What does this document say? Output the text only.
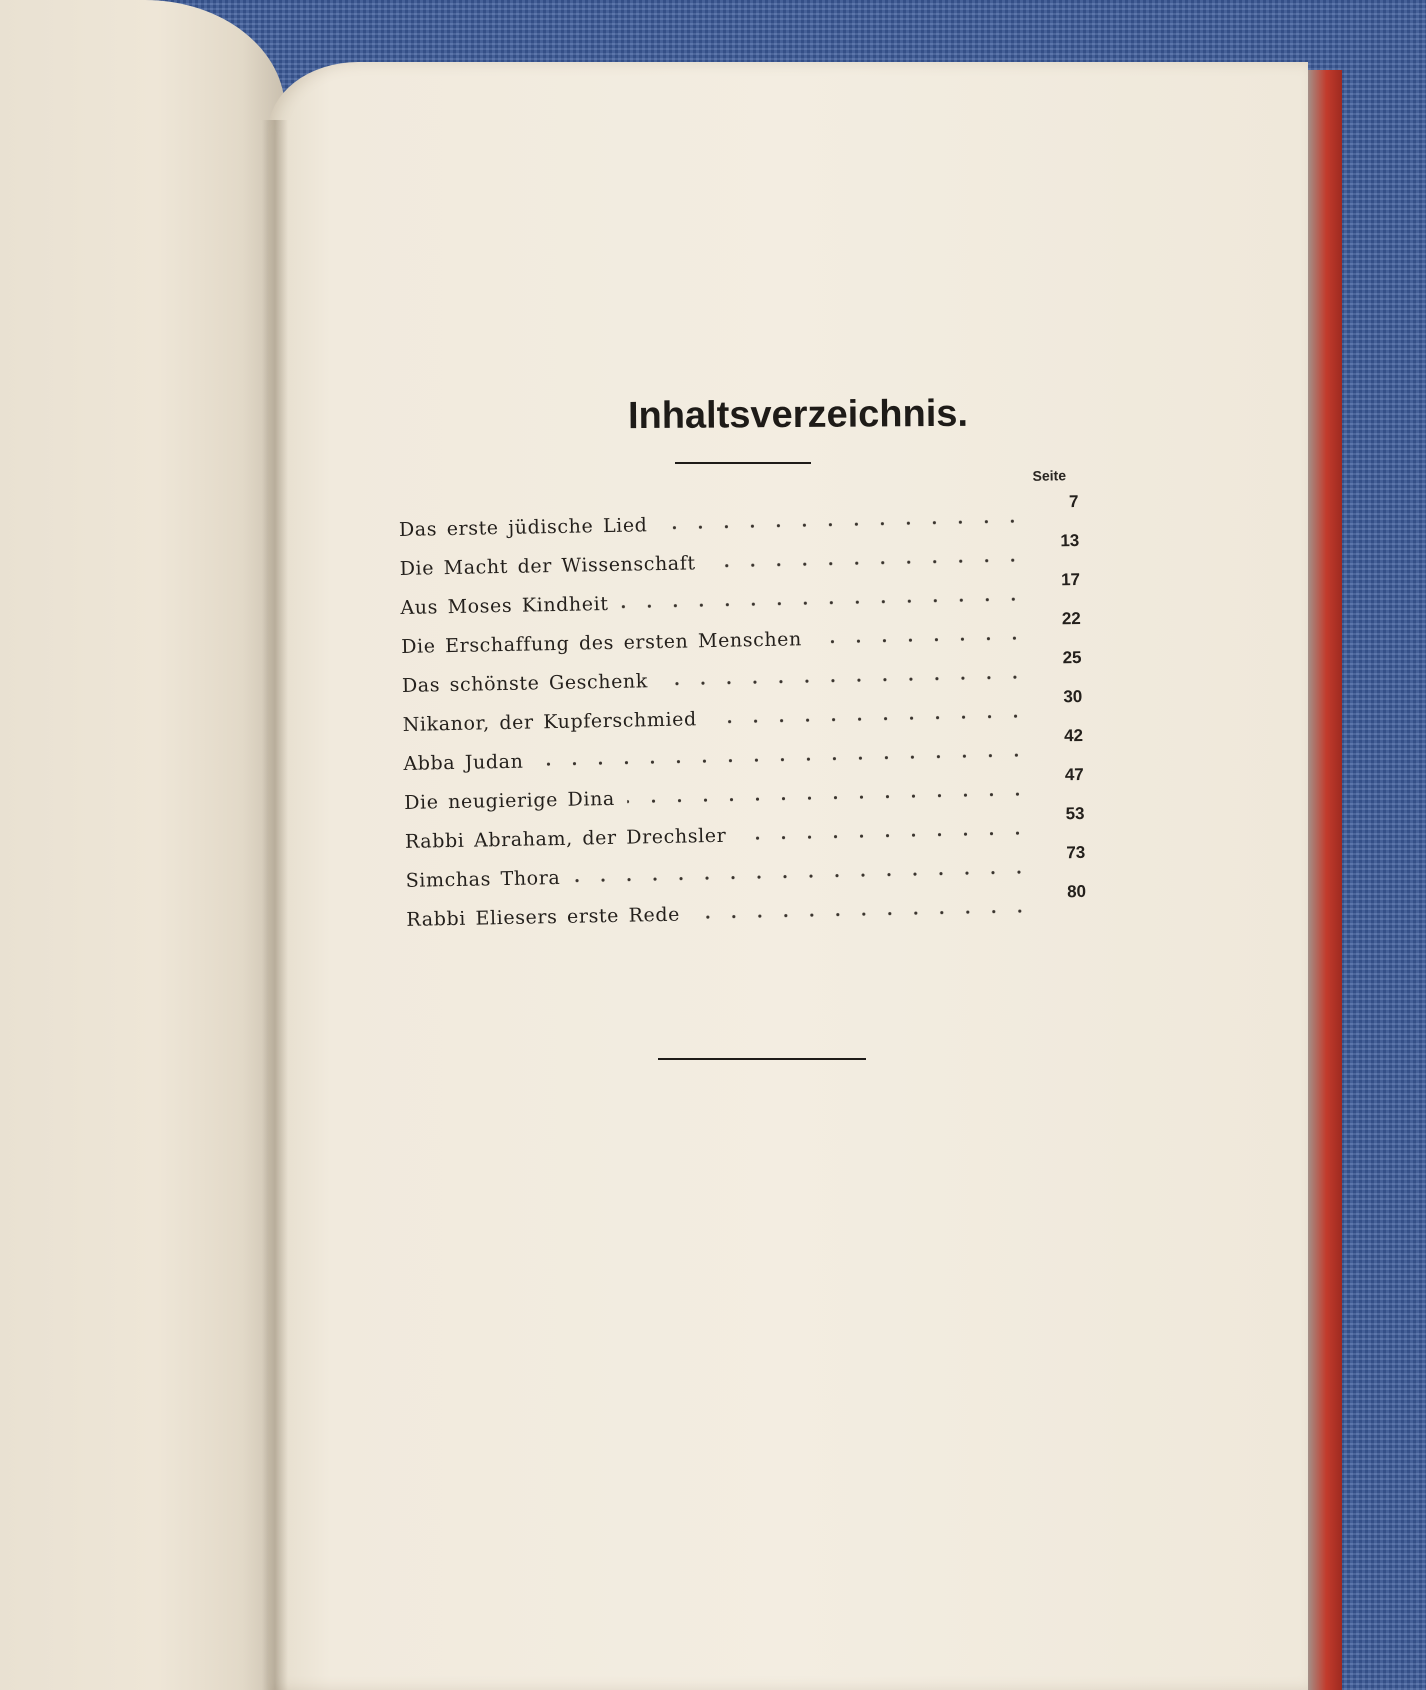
Inhaltsverzeichnis.
Seite
Das erste jüdische Lied
7
Die Macht der Wissenschaft
13
Aus Moses Kindheit
17
Die Erschaffung des ersten Menschen
22
Das schönste Geschenk
25
Nikanor, der Kupferschmied
30
Abba Judan
42
Die neugierige Dina
47
Rabbi Abraham, der Drechsler
53
Simchas Thora
73
Rabbi Eliesers erste Rede
80
